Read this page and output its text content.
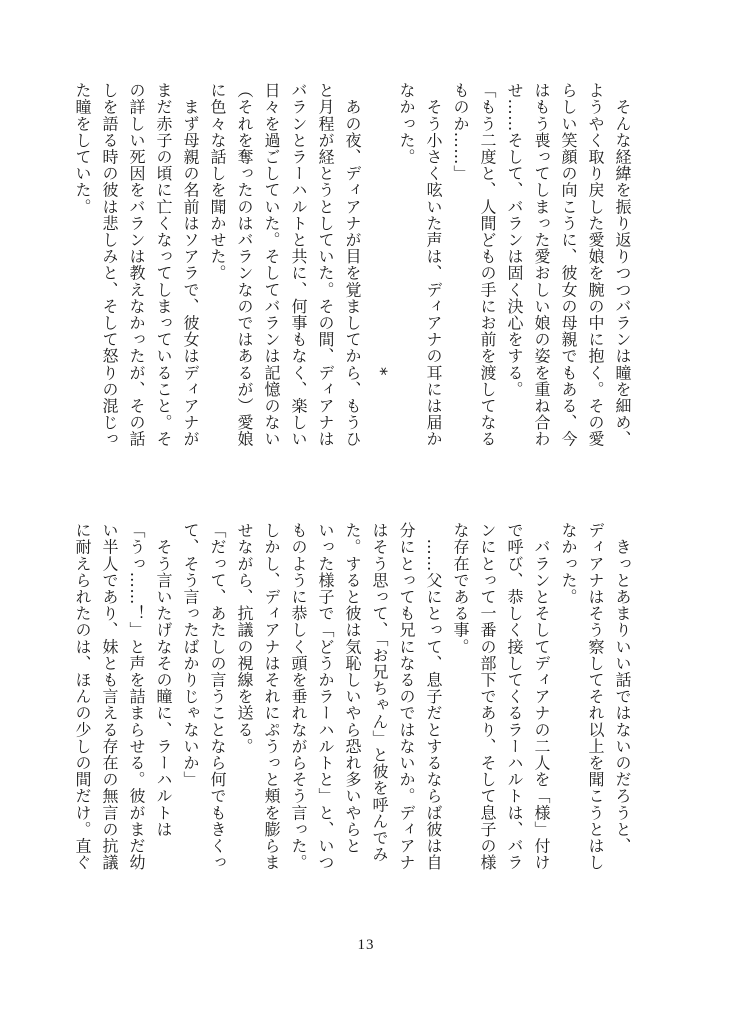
　そんな経緯を振り返りつつバランは瞳を細め、
ようやく取り戻した愛娘を腕の中に抱く。その愛
らしい笑顔の向こうに、彼女の母親でもある、今
はもう喪ってしまった愛おしい娘の姿を重ね合わ
せ……そして、バランは固く決心をする。
「もう二度と、人間どもの手にお前を渡してなる
ものか……」
　そう小さく呟いた声は、ディアナの耳には届か
なかった。
*
　あの夜、ディアナが目を覚ましてから、もうひ
と月程が経とうとしていた。その間、ディアナは
バランとラーハルトと共に、何事もなく、楽しい
日々を過ごしていた。そしてバランは記憶のない
（それを奪ったのはバランなのではあるが）愛娘
に色々な話しを聞かせた。
　まず母親の名前はソアラで、彼女はディアナが
まだ赤子の頃に亡くなってしまっていること。そ
の詳しい死因をバランは教えなかったが、その話
しを語る時の彼は悲しみと、そして怒りの混じっ
た瞳をしていた。
　きっとあまりいい話ではないのだろうと、
ディアナはそう察してそれ以上を聞こうとはし
なかった。
　バランとそしてディアナの二人を「様」付け
で呼び、恭しく接してくるラーハルトは、バラ
ンにとって一番の部下であり、そして息子の様
な存在である事。
　……父にとって、息子だとするならば彼は自
分にとっても兄になるのではないか。ディアナ
はそう思って、「お兄ちゃん」と彼を呼んでみ
た。すると彼は気恥しいやら恐れ多いやらと
いった様子で「どうかラーハルトと」と、いつ
ものように恭しく頭を垂れながらそう言った。
しかし、ディアナはそれにぷうっと頬を膨らま
せながら、抗議の視線を送る。
「だって、あたしの言うことなら何でもきくっ
て、そう言ったばかりじゃないか」
　そう言いたげなその瞳に、ラーハルトは
「うっ……！」と声を詰まらせる。彼がまだ幼
い半人であり、妹とも言える存在の無言の抗議
に耐えられたのは、ほんの少しの間だけ。直ぐ
13
